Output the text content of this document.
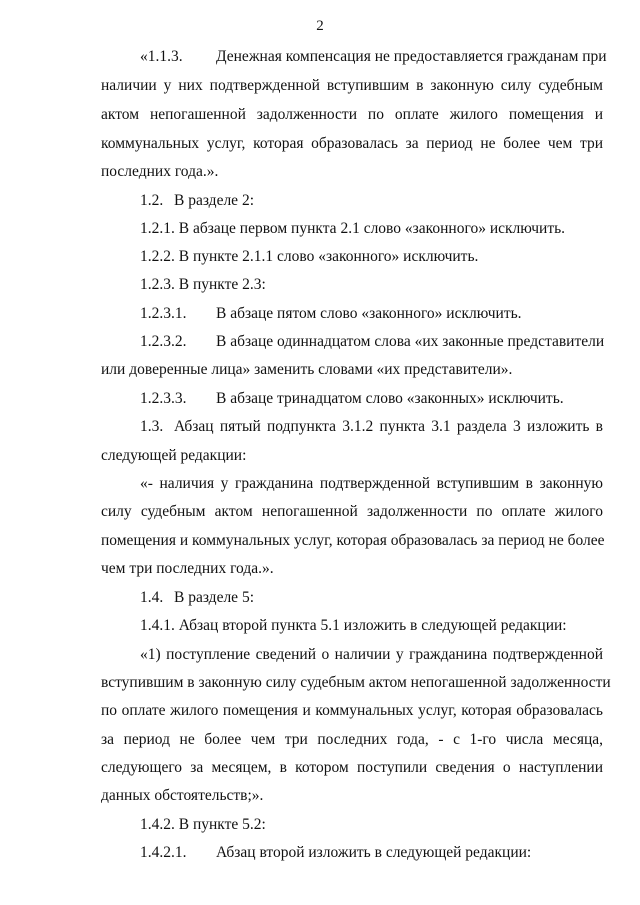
2
«1.1.3. Денежная компенсация не предоставляется гражданам при
наличии у них подтвержденной вступившим в законную силу судебным
актом непогашенной задолженности по оплате жилого помещения и
коммунальных услуг, которая образовалась за период не более чем три
последних года.».
1.2. В разделе 2:
1.2.1. В абзаце первом пункта 2.1 слово «законного» исключить.
1.2.2. В пункте 2.1.1 слово «законного» исключить.
1.2.3. В пункте 2.3:
1.2.3.1. В абзаце пятом слово «законного» исключить.
1.2.3.2. В абзаце одиннадцатом слова «их законные представители
или доверенные лица» заменить словами «их представители».
1.2.3.3. В абзаце тринадцатом слово «законных» исключить.
1.3. Абзац пятый подпункта 3.1.2 пункта 3.1 раздела 3 изложить в
следующей редакции:
«- наличия у гражданина подтвержденной вступившим в законную
силу судебным актом непогашенной задолженности по оплате жилого
помещения и коммунальных услуг, которая образовалась за период не более
чем три последних года.».
1.4. В разделе 5:
1.4.1. Абзац второй пункта 5.1 изложить в следующей редакции:
«1) поступление сведений о наличии у гражданина подтвержденной
вступившим в законную силу судебным актом непогашенной задолженности
по оплате жилого помещения и коммунальных услуг, которая образовалась
за период не более чем три последних года, - с 1-го числа месяца,
следующего за месяцем, в котором поступили сведения о наступлении
данных обстоятельств;».
1.4.2. В пункте 5.2:
1.4.2.1. Абзац второй изложить в следующей редакции:
